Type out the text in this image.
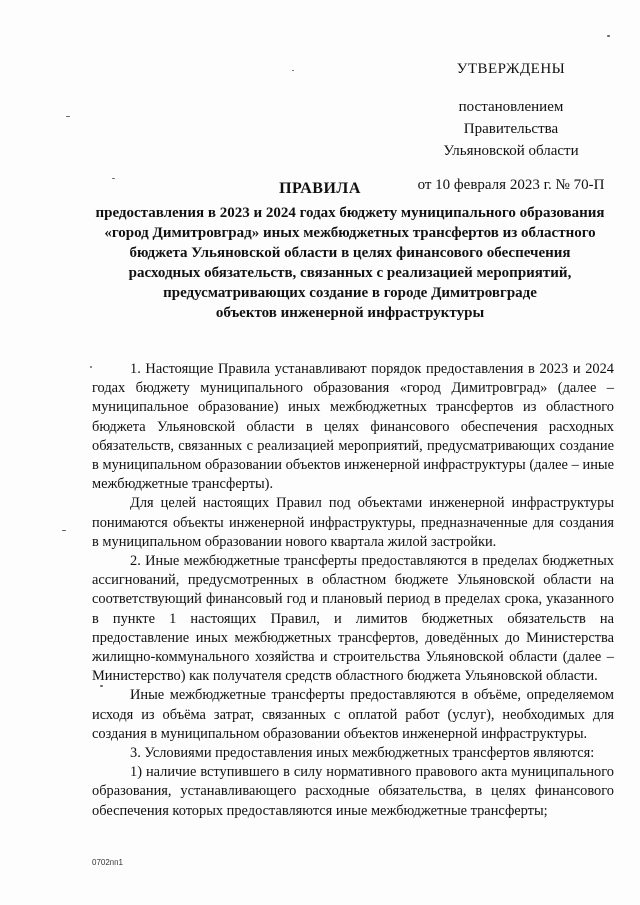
УТВЕРЖДЕНЫ
постановлением Правительства
Ульяновской области
от 10 февраля 2023 г. № 70-П
ПРАВИЛА
предоставления в 2023 и 2024 годах бюджету муниципального образования
«город Димитровград» иных межбюджетных трансфертов из областного
бюджета Ульяновской области в целях финансового обеспечения
расходных обязательств, связанных с реализацией мероприятий,
предусматривающих создание в городе Димитровграде
объектов инженерной инфраструктуры

1. Настоящие Правила устанавливают порядок предоставления в 2023 и 2024 годах бюджету муниципального образования «город Димитровград» (далее – муниципальное образование) иных межбюджетных трансфертов из областного бюджета Ульяновской области в целях финансового обеспечения расходных обязательств, связанных с реализацией мероприятий, предусматривающих создание в муниципальном образовании объектов инженерной инфраструктуры (далее – иные межбюджетные трансферты).

Для целей настоящих Правил под объектами инженерной инфраструктуры понимаются объекты инженерной инфраструктуры, предназначенные для создания в муниципальном образовании нового квартала жилой застройки.

2. Иные межбюджетные трансферты предоставляются в пределах бюджетных ассигнований, предусмотренных в областном бюджете Ульяновской области на соответствующий финансовый год и плановый период в пределах срока, указанного в пункте 1 настоящих Правил, и лимитов бюджетных обязательств на предоставление иных межбюджетных трансфертов, доведённых до Министерства жилищно-коммунального хозяйства и строительства Ульяновской области (далее – Министерство) как получателя средств областного бюджета Ульяновской области.

Иные межбюджетные трансферты предоставляются в объёме, определяемом исходя из объёма затрат, связанных с оплатой работ (услуг), необходимых для создания в муниципальном образовании объектов инженерной инфраструктуры.

3. Условиями предоставления иных межбюджетных трансфертов являются:

1) наличие вступившего в силу нормативного правового акта муниципального образования, устанавливающего расходные обязательства, в целях финансового обеспечения которых предоставляются иные межбюджетные трансферты;

0702пп1
